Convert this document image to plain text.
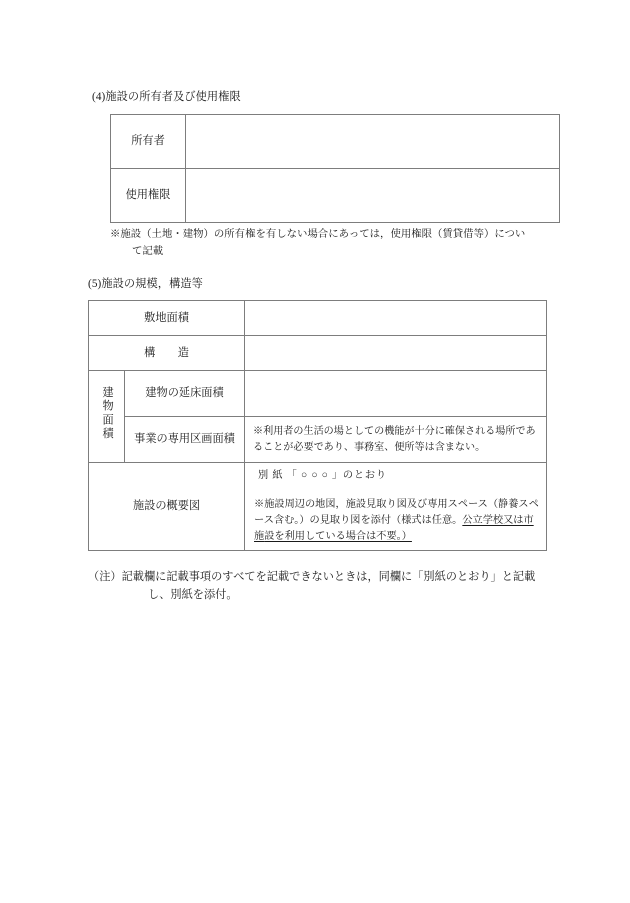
(4)施設の所有者及び使用権限
所有者	
使用権限	
※施設（土地・建物）の所有権を有しない場合にあっては，使用権限（賃貸借等）につい
て記載
(5)施設の規模，構造等
敷地面積		
構　　造		
建物面積	建物の延床面積	
	事業の専用区画面積	※利用者の生活の場としての機能が十分に確保される場所であ ることが必要であり、事務室、便所等は含まない。

施設の概要図		別 紙 「 ○ ○ ○ 」のとおり
※施設周辺の地図，施設見取り図及び専用スペース（静養スペース含む。）の見取り図を添付（様式は任意。公立学校又は市施設を利用している場合は不要。）
（注）記載欄に記載事項のすべてを記載できないときは，同欄に「別紙のとおり」と記載
し、別紙を添付。
